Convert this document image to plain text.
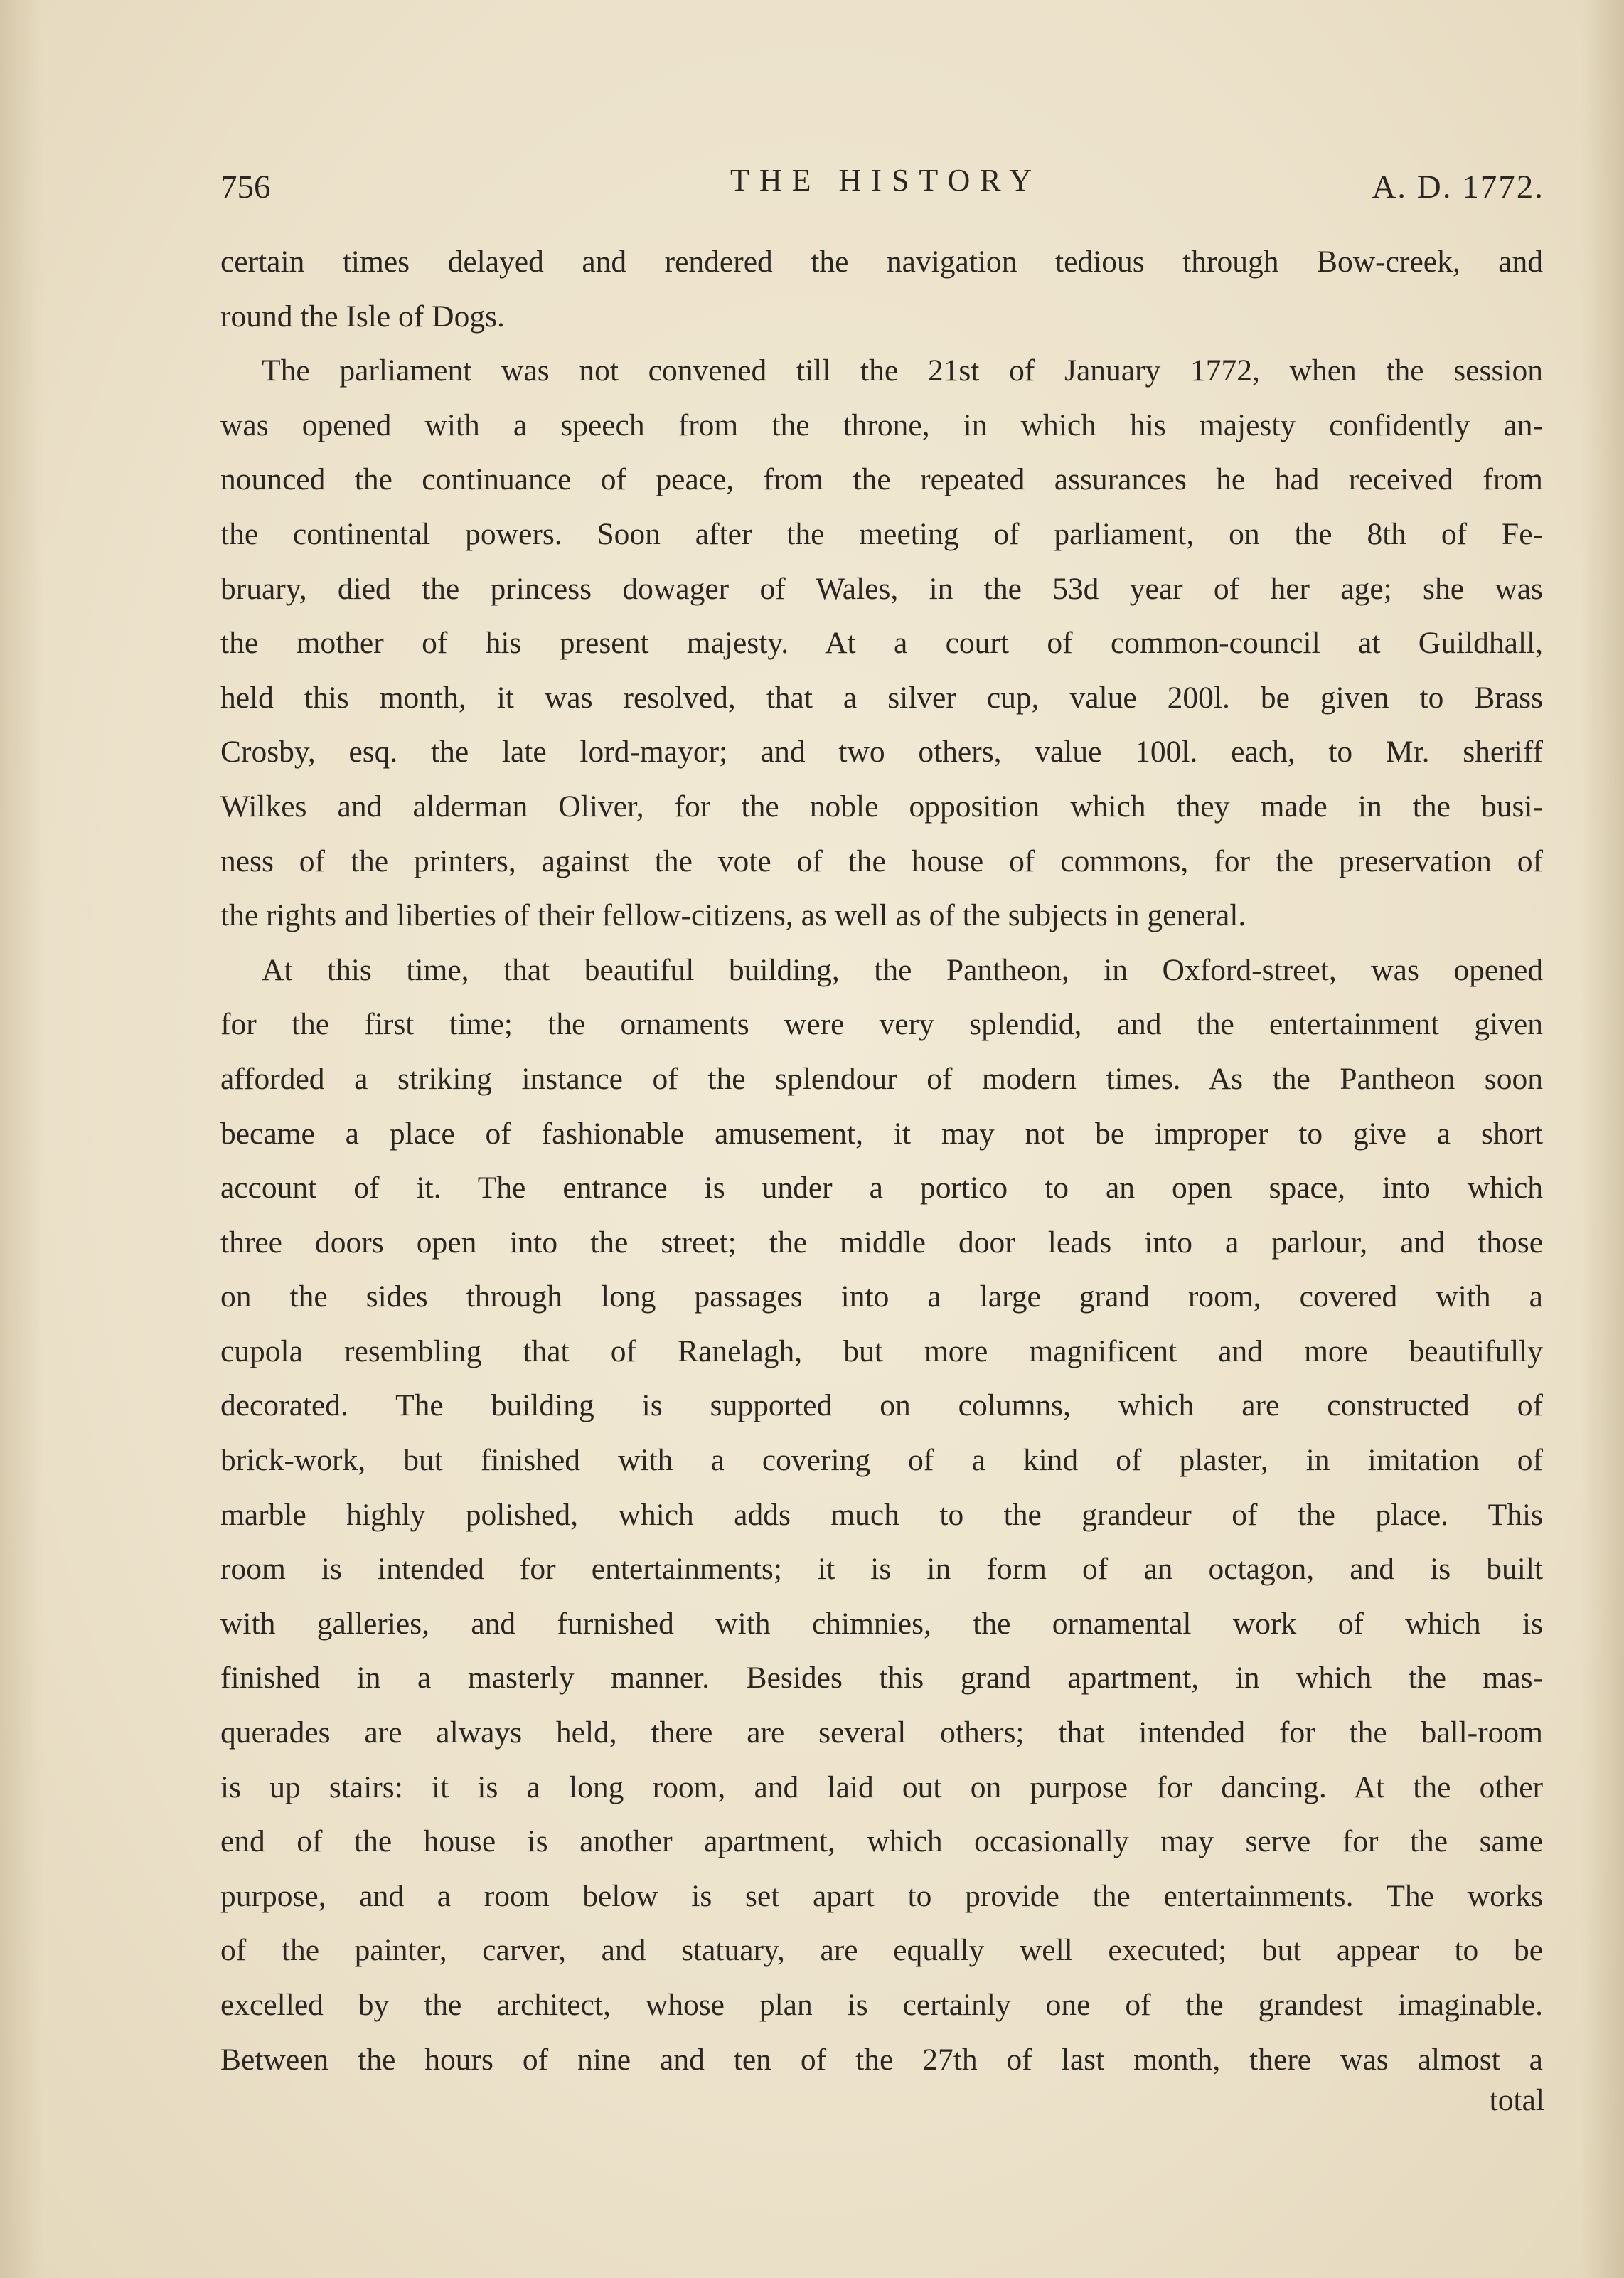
756	THE HISTORY	A. D. 1772.
certain times delayed and rendered the navigation tedious through Bow-creek, and
round the Isle of Dogs.
The parliament was not convened till the 21st of January 1772, when the session
was opened with a speech from the throne, in which his majesty confidently an-
nounced the continuance of peace, from the repeated assurances he had received from
the continental powers. Soon after the meeting of parliament, on the 8th of Fe-
bruary, died the princess dowager of Wales, in the 53d year of her age; she was
the mother of his present majesty. At a court of common-council at Guildhall,
held this month, it was resolved, that a silver cup, value 200l. be given to Brass
Crosby, esq. the late lord-mayor; and two others, value 100l. each, to Mr. sheriff
Wilkes and alderman Oliver, for the noble opposition which they made in the busi-
ness of the printers, against the vote of the house of commons, for the preservation of
the rights and liberties of their fellow-citizens, as well as of the subjects in general.
At this time, that beautiful building, the Pantheon, in Oxford-street, was opened
for the first time; the ornaments were very splendid, and the entertainment given
afforded a striking instance of the splendour of modern times. As the Pantheon soon
became a place of fashionable amusement, it may not be improper to give a short
account of it. The entrance is under a portico to an open space, into which
three doors open into the street; the middle door leads into a parlour, and those
on the sides through long passages into a large grand room, covered with a
cupola resembling that of Ranelagh, but more magnificent and more beautifully
decorated. The building is supported on columns, which are constructed of
brick-work, but finished with a covering of a kind of plaster, in imitation of
marble highly polished, which adds much to the grandeur of the place. This
room is intended for entertainments; it is in form of an octagon, and is built
with galleries, and furnished with chimnies, the ornamental work of which is
finished in a masterly manner. Besides this grand apartment, in which the mas-
querades are always held, there are several others; that intended for the ball-room
is up stairs: it is a long room, and laid out on purpose for dancing. At the other
end of the house is another apartment, which occasionally may serve for the same
purpose, and a room below is set apart to provide the entertainments. The works
of the painter, carver, and statuary, are equally well executed; but appear to be
excelled by the architect, whose plan is certainly one of the grandest imaginable.
Between the hours of nine and ten of the 27th of last month, there was almost a
total
